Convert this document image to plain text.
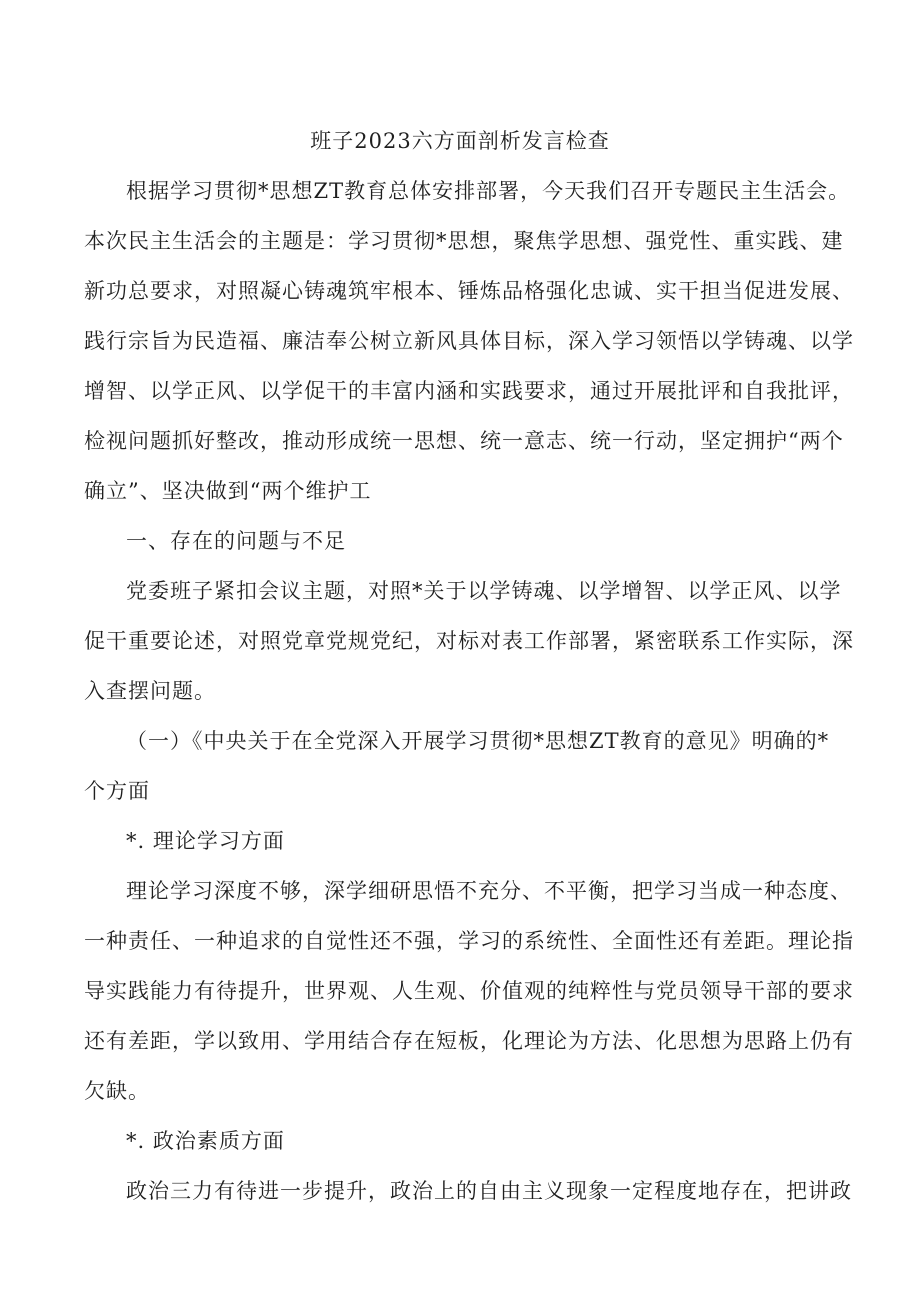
班子2023六方面剖析发言检查
根据学习贯彻*思想ZT教育总体安排部署，今天我们召开专题民主生活会。
本次民主生活会的主题是：学习贯彻*思想，聚焦学思想、强党性、重实践、建
新功总要求，对照凝心铸魂筑牢根本、锤炼品格强化忠诚、实干担当促进发展、
践行宗旨为民造福、廉洁奉公树立新风具体目标，深入学习领悟以学铸魂、以学
增智、以学正风、以学促干的丰富内涵和实践要求，通过开展批评和自我批评，
检视问题抓好整改，推动形成统一思想、统一意志、统一行动，坚定拥护“两个
确立”、坚决做到“两个维护工
一、存在的问题与不足
党委班子紧扣会议主题，对照*关于以学铸魂、以学增智、以学正风、以学
促干重要论述，对照党章党规党纪，对标对表工作部署，紧密联系工作实际，深
入查摆问题。
（一）《中央关于在全党深入开展学习贯彻*思想ZT教育的意见》明确的*
个方面
*. 理论学习方面
理论学习深度不够，深学细研思悟不充分、不平衡，把学习当成一种态度、
一种责任、一种追求的自觉性还不强，学习的系统性、全面性还有差距。理论指
导实践能力有待提升，世界观、人生观、价值观的纯粹性与党员领导干部的要求
还有差距，学以致用、学用结合存在短板，化理论为方法、化思想为思路上仍有
欠缺。
*. 政治素质方面
政治三力有待进一步提升，政治上的自由主义现象一定程度地存在，把讲政
